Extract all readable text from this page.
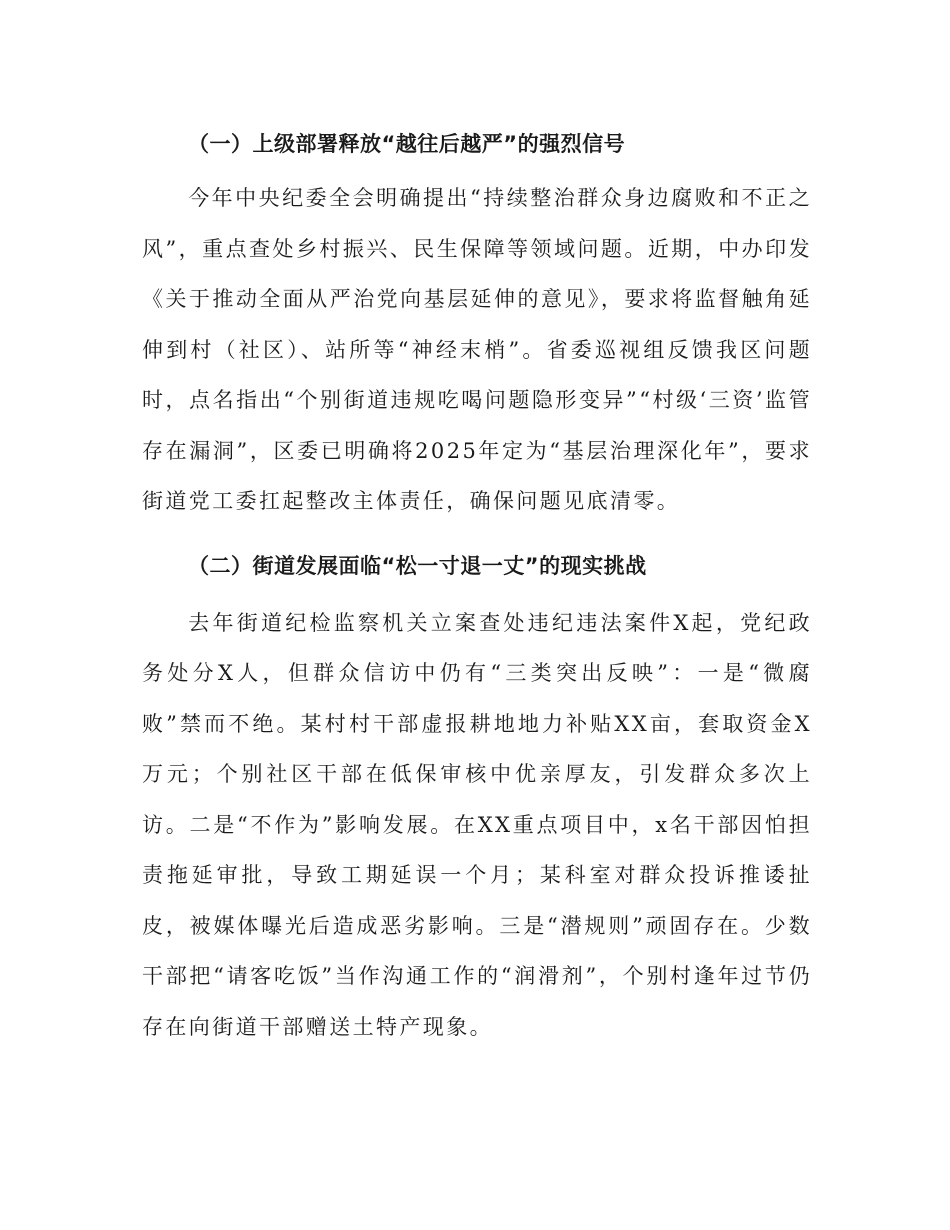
（一）上级部署释放“越往后越严”的强烈信号

今年中央纪委全会明确提出“持续整治群众身边腐败和不正之风”，重点查处乡村振兴、民生保障等领域问题。近期，中办印发《关于推动全面从严治党向基层延伸的意见》，要求将监督触角延伸到村（社区）、站所等“神经末梢”。省委巡视组反馈我区问题时，点名指出“个别街道违规吃喝问题隐形变异”“村级‘三资’监管存在漏洞”，区委已明确将2025年定为“基层治理深化年”，要求街道党工委扛起整改主体责任，确保问题见底清零。

（二）街道发展面临“松一寸退一丈”的现实挑战

去年街道纪检监察机关立案查处违纪违法案件X起，党纪政务处分X人，但群众信访中仍有“三类突出反映”：一是“微腐败”禁而不绝。某村村干部虚报耕地地力补贴XX亩，套取资金X万元；个别社区干部在低保审核中优亲厚友，引发群众多次上访。二是“不作为”影响发展。在XX重点项目中，x名干部因怕担责拖延审批，导致工期延误一个月；某科室对群众投诉推诿扯皮，被媒体曝光后造成恶劣影响。三是“潜规则”顽固存在。少数干部把“请客吃饭”当作沟通工作的“润滑剂”，个别村逢年过节仍存在向街道干部赠送土特产现象。
